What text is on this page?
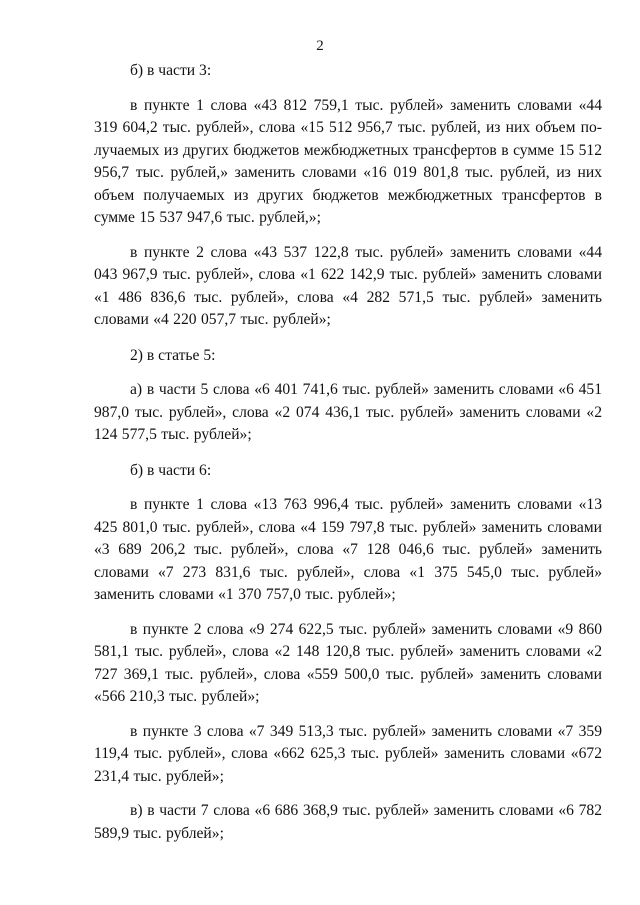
2

б) в части 3:

в пункте 1 слова «43 812 759,1 тыс. рублей» заменить словами «44 319 604,2 тыс. рублей», слова «15 512 956,7 тыс. рублей, из них объем получаемых из других бюджетов межбюджетных трансфертов в сумме 15 512 956,7 тыс. рублей,» заменить словами «16 019 801,8 тыс. рублей, из них объем получаемых из других бюджетов межбюджетных трансфертов в сумме 15 537 947,6 тыс. рублей,»;

в пункте 2 слова «43 537 122,8 тыс. рублей» заменить словами «44 043 967,9 тыс. рублей», слова «1 622 142,9 тыс. рублей» заменить словами «1 486 836,6 тыс. рублей», слова «4 282 571,5 тыс. рублей» заменить словами «4 220 057,7 тыс. рублей»;

2) в статье 5:

а) в части 5 слова «6 401 741,6 тыс. рублей» заменить словами «6 451 987,0 тыс. рублей», слова «2 074 436,1 тыс. рублей» заменить словами «2 124 577,5 тыс. рублей»;

б) в части 6:

в пункте 1 слова «13 763 996,4 тыс. рублей» заменить словами «13 425 801,0 тыс. рублей», слова «4 159 797,8 тыс. рублей» заменить словами «3 689 206,2 тыс. рублей», слова «7 128 046,6 тыс. рублей» заменить словами «7 273 831,6 тыс. рублей», слова «1 375 545,0 тыс. рублей» заменить словами «1 370 757,0 тыс. рублей»;

в пункте 2 слова «9 274 622,5 тыс. рублей» заменить словами «9 860 581,1 тыс. рублей», слова «2 148 120,8 тыс. рублей» заменить словами «2 727 369,1 тыс. рублей», слова «559 500,0 тыс. рублей» заменить словами «566 210,3 тыс. рублей»;

в пункте 3 слова «7 349 513,3 тыс. рублей» заменить словами «7 359 119,4 тыс. рублей», слова «662 625,3 тыс. рублей» заменить словами «672 231,4 тыс. рублей»;

в) в части 7 слова «6 686 368,9 тыс. рублей» заменить словами «6 782 589,9 тыс. рублей»;
